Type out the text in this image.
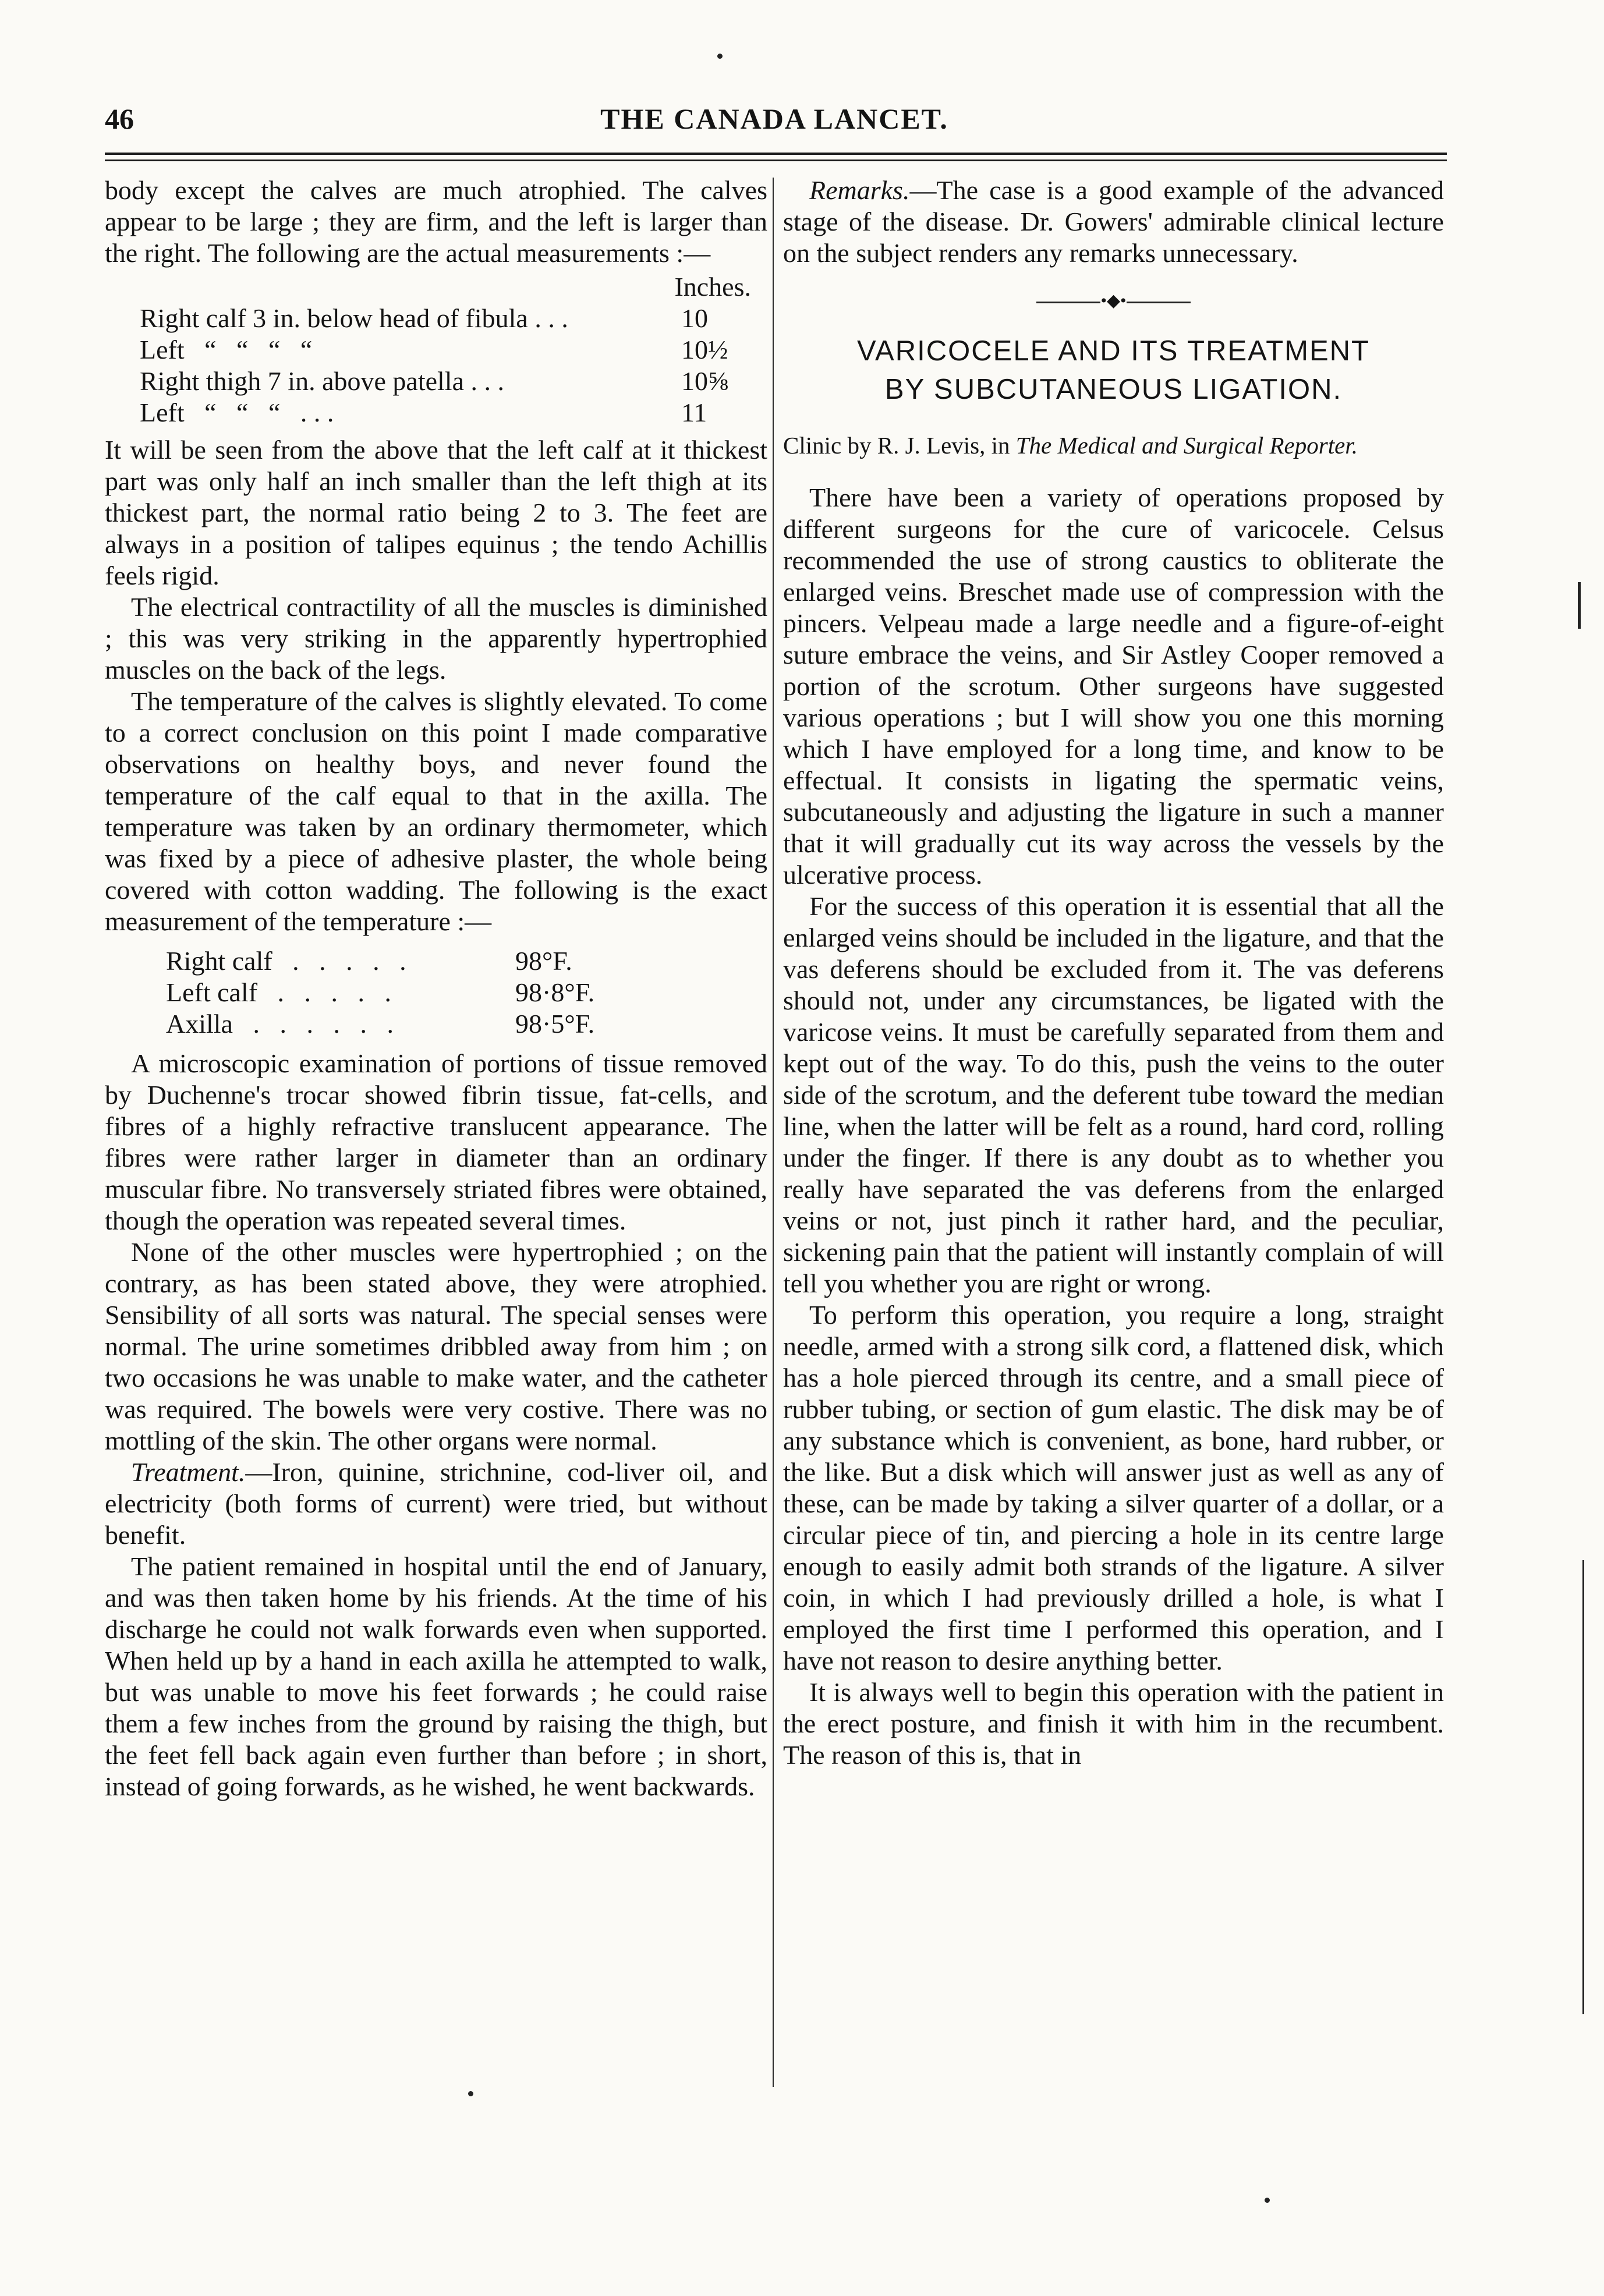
46	THE CANADA LANCET.

body except the calves are much atrophied. The calves appear to be large ; they are firm, and the left is larger than the right. The following are the actual measurements :—

Inches.
Right calf 3 in. below head of fibula . . .	10
Left   “   “   “   “	10½
Right thigh 7 in. above patella . . .	10⅝
Left   “   “   “   . . .	11

It will be seen from the above that the left calf at it thickest part was only half an inch smaller than the left thigh at its thickest part, the normal ratio being 2 to 3. The feet are always in a position of talipes equinus ; the tendo Achillis feels rigid.

The electrical contractility of all the muscles is diminished ; this was very striking in the apparently hypertrophied muscles on the back of the legs.

The temperature of the calves is slightly elevated. To come to a correct conclusion on this point I made comparative observations on healthy boys, and never found the temperature of the calf equal to that in the axilla. The temperature was taken by an ordinary thermometer, which was fixed by a piece of adhesive plaster, the whole being covered with cotton wadding. The following is the exact measurement of the temperature :—

Right calf   .   .   .   .   .	98°F.
Left calf   .   .   .   .   .	98·8°F.
Axilla   .   .   .   .   .   .	98·5°F.

A microscopic examination of portions of tissue removed by Duchenne's trocar showed fibrin tissue, fat-cells, and fibres of a highly refractive translucent appearance. The fibres were rather larger in diameter than an ordinary muscular fibre. No transversely striated fibres were obtained, though the operation was repeated several times.

None of the other muscles were hypertrophied ; on the contrary, as has been stated above, they were atrophied. Sensibility of all sorts was natural. The special senses were normal. The urine sometimes dribbled away from him ; on two occasions he was unable to make water, and the catheter was required. The bowels were very costive. There was no mottling of the skin. The other organs were normal.

Treatment.—Iron, quinine, strichnine, cod-liver oil, and electricity (both forms of current) were tried, but without benefit.

The patient remained in hospital until the end of January, and was then taken home by his friends. At the time of his discharge he could not walk forwards even when supported. When held up by a hand in each axilla he attempted to walk, but was unable to move his feet forwards ; he could raise them a few inches from the ground by raising the thigh, but the feet fell back again even further than before ; in short, instead of going forwards, as he wished, he went backwards.

Remarks.—The case is a good example of the advanced stage of the disease. Dr. Gowers' admirable clinical lecture on the subject renders any remarks unnecessary.

•◆•
VARICOCELE AND ITS TREATMENT
BY SUBCUTANEOUS LIGATION.

Clinic by R. J. Levis, in The Medical and Surgical Reporter.

There have been a variety of operations proposed by different surgeons for the cure of varicocele. Celsus recommended the use of strong caustics to obliterate the enlarged veins. Breschet made use of compression with the pincers. Velpeau made a large needle and a figure-of-eight suture embrace the veins, and Sir Astley Cooper removed a portion of the scrotum. Other surgeons have suggested various operations ; but I will show you one this morning which I have employed for a long time, and know to be effectual. It consists in ligating the spermatic veins, subcutaneously and adjusting the ligature in such a manner that it will gradually cut its way across the vessels by the ulcerative process.

For the success of this operation it is essential that all the enlarged veins should be included in the ligature, and that the vas deferens should be excluded from it. The vas deferens should not, under any circumstances, be ligated with the varicose veins. It must be carefully separated from them and kept out of the way. To do this, push the veins to the outer side of the scrotum, and the deferent tube toward the median line, when the latter will be felt as a round, hard cord, rolling under the finger. If there is any doubt as to whether you really have separated the vas deferens from the enlarged veins or not, just pinch it rather hard, and the peculiar, sickening pain that the patient will instantly complain of will tell you whether you are right or wrong.

To perform this operation, you require a long, straight needle, armed with a strong silk cord, a flattened disk, which has a hole pierced through its centre, and a small piece of rubber tubing, or section of gum elastic. The disk may be of any substance which is convenient, as bone, hard rubber, or the like. But a disk which will answer just as well as any of these, can be made by taking a silver quarter of a dollar, or a circular piece of tin, and piercing a hole in its centre large enough to easily admit both strands of the ligature. A silver coin, in which I had previously drilled a hole, is what I employed the first time I performed this operation, and I have not reason to desire anything better.

It is always well to begin this operation with the patient in the erect posture, and finish it with him in the recumbent. The reason of this is, that in
